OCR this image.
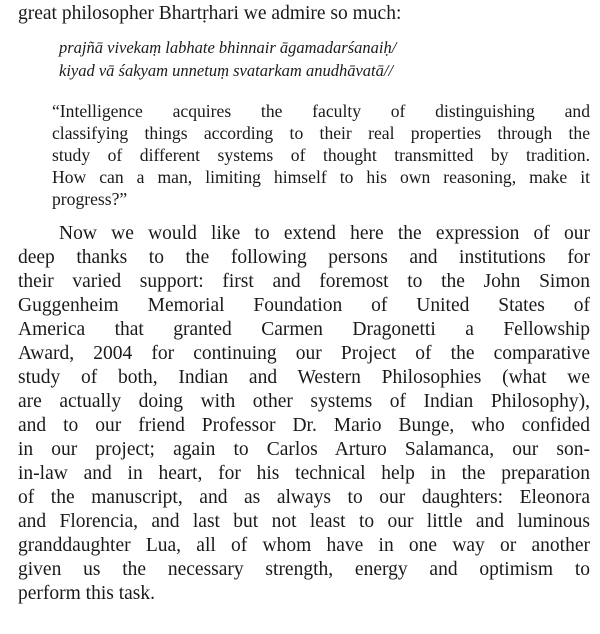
great philosopher Bhartṛhari we admire so much:

prajñā vivekaṃ labhate bhinnair āgamadarśanaiḥ/

kiyad vā śakyam unnetuṃ svatarkam anudhāvatā//

“Intelligence acquires the faculty of distinguishing and

classifying things according to their real properties through the

study of different systems of thought transmitted by tradition.

How can a man, limiting himself to his own reasoning, make it

progress?”

Now we would like to extend here the expression of our

deep thanks to the following persons and institutions for

their varied support: first and foremost to the John Simon

Guggenheim Memorial Foundation of United States of

America that granted Carmen Dragonetti a Fellowship

Award, 2004 for continuing our Project of the comparative

study of both, Indian and Western Philosophies (what we

are actually doing with other systems of Indian Philosophy),

and to our friend Professor Dr. Mario Bunge, who confided

in our project; again to Carlos Arturo Salamanca, our son-

in-law and in heart, for his technical help in the preparation

of the manuscript, and as always to our daughters: Eleonora

and Florencia, and last but not least to our little and luminous

granddaughter Lua, all of whom have in one way or another

given us the necessary strength, energy and optimism to

perform this task.
